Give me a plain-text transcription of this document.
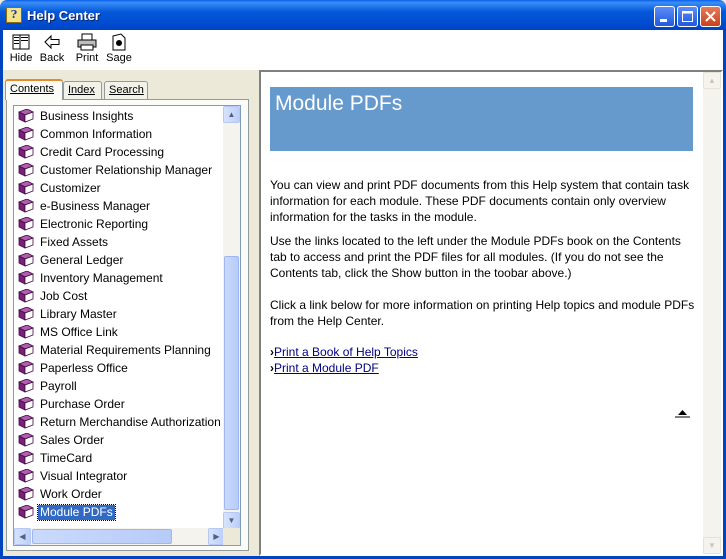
? Help Center
Hide Back	Print Sage
Contents	Index	Search
Business Insights
Common Information
Credit Card Processing
Customer Relationship Manager
Customizer
e-Business Manager
Electronic Reporting
Fixed Assets
General Ledger
Inventory Management
Job Cost
Library Master
MS Office Link
Material Requirements Planning
Paperless Office
Payroll
Purchase Order
Return Merchandise Authorization
Sales Order
TimeCard
Visual Integrator
Work Order
Module PDFs
▲
▼
◀	▶
Module PDFs

You can view and print PDF documents from this Help system that contain task information for each module. These PDF documents contain only overview information for the tasks in the module.

Use the links located to the left under the Module PDFs book on the Contents tab to access and print the PDF files for all modules. (If you do not see the Contents tab, click the Show button in the toobar above.)

Click a link below for more information on printing Help topics and module PDFs from the Help Center.

›Print a Book of Help Topics
›Print a Module PDF
▲
▼
